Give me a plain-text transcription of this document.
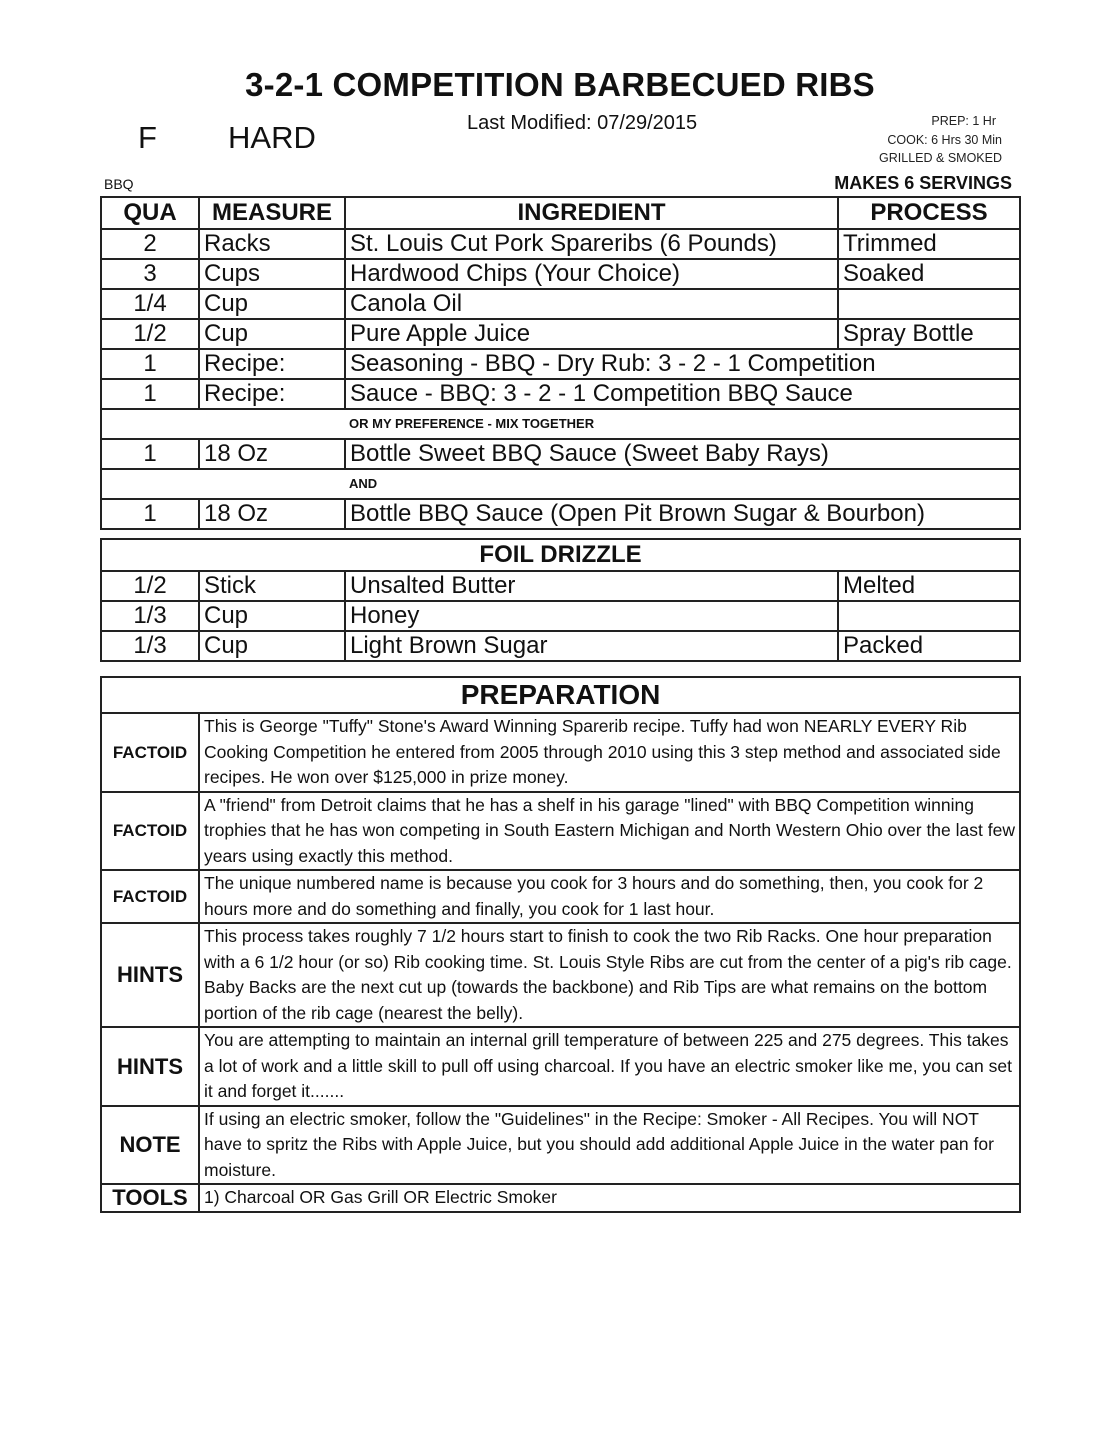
3-2-1 COMPETITION BARBECUED RIBS
F HARD	Last Modified: 07/29/2015	PREP: 1 Hr
COOK: 6 Hrs 30 Min
GRILLED & SMOKED
BBQ	MAKES 6 SERVINGS
QUA	MEASURE	INGREDIENT	PROCESS
2	Racks	St. Louis Cut Pork Spareribs (6 Pounds)	Trimmed
3	Cups	Hardwood Chips (Your Choice)	Soaked
1/4	Cup	Canola Oil	
1/2	Cup	Pure Apple Juice	Spray Bottle
1	Recipe:	Seasoning - BBQ - Dry Rub: 3 - 2 - 1 Competition	
1	Recipe:	Sauce - BBQ: 3 - 2 - 1 Competition BBQ Sauce	
		OR MY PREFERENCE - MIX TOGETHER	
1	18 Oz	Bottle Sweet BBQ Sauce (Sweet Baby Rays)	
		AND	
1	18 Oz	Bottle BBQ Sauce (Open Pit Brown Sugar & Bourbon)	
FOIL DRIZZLE			
1/2	Stick	Unsalted Butter	Melted
1/3	Cup	Honey	
1/3	Cup	Light Brown Sugar	Packed
PREPARATION	
FACTOID	This is George "Tuffy" Stone's Award Winning Sparerib recipe. Tuffy had won NEARLY EVERY Rib Cooking Competition he entered from 2005 through 2010 using this 3 step method and associated side recipes. He won over $125,000 in prize money.
FACTOID	A "friend" from Detroit claims that he has a shelf in his garage "lined" with BBQ Competition winning trophies that he has won competing in South Eastern Michigan and North Western Ohio over the last few years using exactly this method.
FACTOID	The unique numbered name is because you cook for 3 hours and do something, then, you cook for 2 hours more and do something and finally, you cook for 1 last hour.
HINTS	This process takes roughly 7 1/2 hours start to finish to cook the two Rib Racks. One hour preparation with a 6 1/2 hour (or so) Rib cooking time. St. Louis Style Ribs are cut from the center of a pig's rib cage. Baby Backs are the next cut up (towards the backbone) and Rib Tips are what remains on the bottom portion of the rib cage (nearest the belly).
HINTS	You are attempting to maintain an internal grill temperature of between 225 and 275 degrees. This takes a lot of work and a little skill to pull off using charcoal. If you have an electric smoker like me, you can set it and forget it.......
NOTE	If using an electric smoker, follow the "Guidelines" in the Recipe: Smoker - All Recipes. You will NOT have to spritz the Ribs with Apple Juice, but you should add additional Apple Juice in the water pan for moisture.
TOOLS	1) Charcoal OR Gas Grill OR Electric Smoker
